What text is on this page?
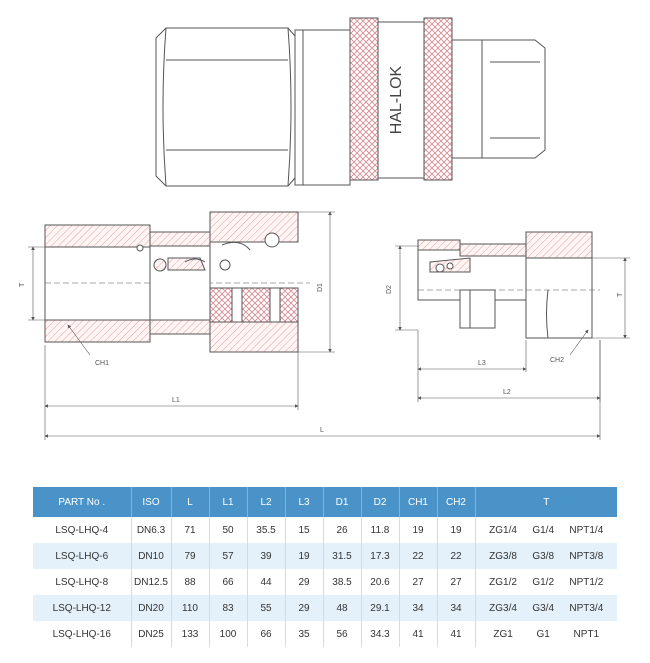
HAL-LOK
L1
L
L3
L2
D1	D2
T
T
CH1	CH2
PART No .	ISO	L	L1	L2	L3	D1	D2	CH1	CH2	T
LSQ-LHQ-4	DN6.3	71	50	35.5	15	26	11.8	19	19	ZG1/4 G1/4 NPT1/4

LSQ-LHQ-6	DN10	79	57	39	19	31.5	17.3	22	22	ZG3/8 G3/8 NPT3/8

LSQ-LHQ-8	DN12.5	88	66	44	29	38.5	20.6	27	27	ZG1/2 G1/2 NPT1/2

LSQ-LHQ-12	DN20	110	83	55	29	48	29.1	34	34	ZG3/4 G3/4 NPT3/4

LSQ-LHQ-16	DN25	133	100	66	35	56	34.3	41	41	ZG1 G1 NPT1
